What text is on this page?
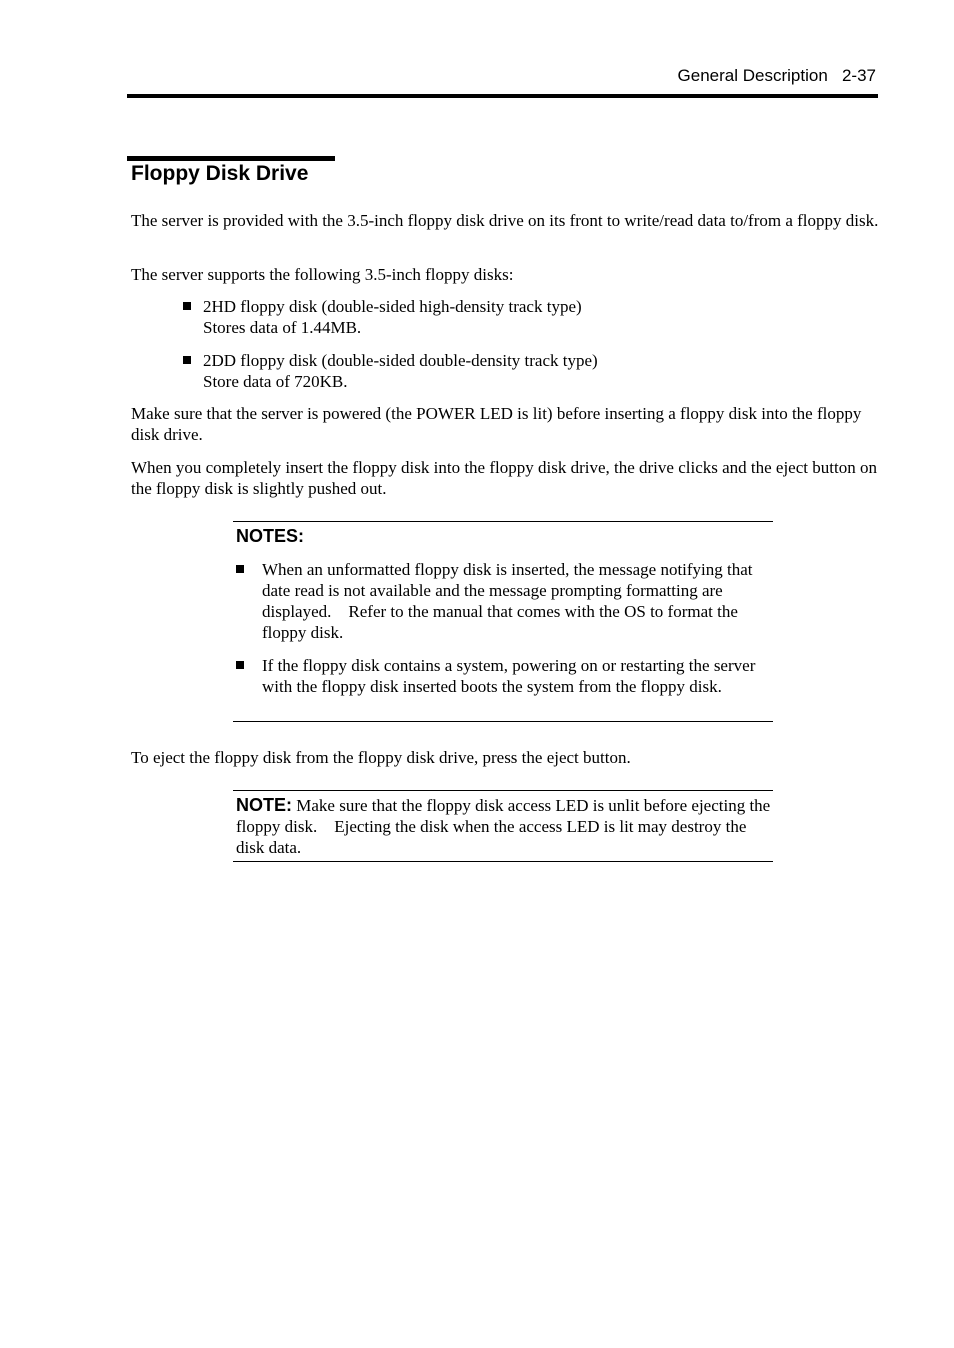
General Description 2-37
Floppy Disk Drive
The server is provided with the 3.5-inch floppy disk drive on its front to write/read data to/from a floppy disk.
The server supports the following 3.5-inch floppy disks:
2HD floppy disk (double-sided high-density track type)
Stores data of 1.44MB.
2DD floppy disk (double-sided double-density track type)
Store data of 720KB.
Make sure that the server is powered (the POWER LED is lit) before inserting a floppy disk into the floppy disk drive.
When you completely insert the floppy disk into the floppy disk drive, the drive clicks and the eject button on the floppy disk is slightly pushed out.
NOTES:
When an unformatted floppy disk is inserted, the message notifying that date read is not available and the message prompting formatting are displayed.　Refer to the manual that comes with the OS to format the floppy disk.
If the floppy disk contains a system, powering on or restarting the server with the floppy disk inserted boots the system from the floppy disk.
To eject the floppy disk from the floppy disk drive, press the eject button.
NOTE: Make sure that the floppy disk access LED is unlit before ejecting the floppy disk.　Ejecting the disk when the access LED is lit may destroy the disk data.
